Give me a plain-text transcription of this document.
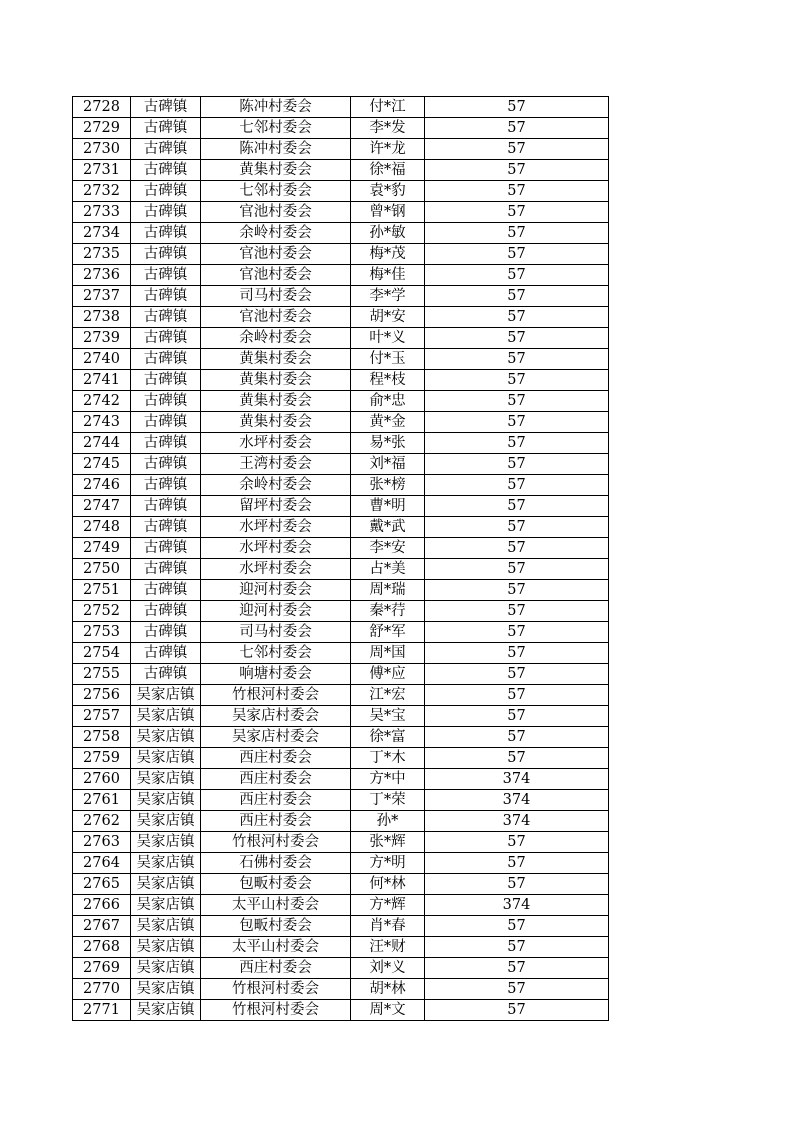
2728	古碑镇	陈冲村委会	付*江	57
2729	古碑镇	七邻村委会	李*发	57
2730	古碑镇	陈冲村委会	许*龙	57
2731	古碑镇	黄集村委会	徐*福	57
2732	古碑镇	七邻村委会	袁*豹	57
2733	古碑镇	官池村委会	曾*钢	57
2734	古碑镇	余岭村委会	孙*敏	57
2735	古碑镇	官池村委会	梅*茂	57
2736	古碑镇	官池村委会	梅*佳	57
2737	古碑镇	司马村委会	李*学	57
2738	古碑镇	官池村委会	胡*安	57
2739	古碑镇	余岭村委会	叶*义	57
2740	古碑镇	黄集村委会	付*玉	57
2741	古碑镇	黄集村委会	程*枝	57
2742	古碑镇	黄集村委会	俞*忠	57
2743	古碑镇	黄集村委会	黄*金	57
2744	古碑镇	水坪村委会	易*张	57
2745	古碑镇	王湾村委会	刘*福	57
2746	古碑镇	余岭村委会	张*榜	57
2747	古碑镇	留坪村委会	曹*明	57
2748	古碑镇	水坪村委会	戴*武	57
2749	古碑镇	水坪村委会	李*安	57
2750	古碑镇	水坪村委会	占*美	57
2751	古碑镇	迎河村委会	周*瑞	57
2752	古碑镇	迎河村委会	秦*荇	57
2753	古碑镇	司马村委会	舒*军	57
2754	古碑镇	七邻村委会	周*国	57
2755	古碑镇	响塘村委会	傅*应	57
2756	吴家店镇	竹根河村委会	江*宏	57
2757	吴家店镇	吴家店村委会	吴*宝	57
2758	吴家店镇	吴家店村委会	徐*富	57
2759	吴家店镇	西庄村委会	丁*木	57
2760	吴家店镇	西庄村委会	方*中	374
2761	吴家店镇	西庄村委会	丁*荣	374
2762	吴家店镇	西庄村委会	孙*	374
2763	吴家店镇	竹根河村委会	张*辉	57
2764	吴家店镇	石佛村委会	方*明	57
2765	吴家店镇	包畈村委会	何*林	57
2766	吴家店镇	太平山村委会	方*辉	374
2767	吴家店镇	包畈村委会	肖*春	57
2768	吴家店镇	太平山村委会	汪*财	57
2769	吴家店镇	西庄村委会	刘*义	57
2770	吴家店镇	竹根河村委会	胡*林	57
2771	吴家店镇	竹根河村委会	周*文	57
